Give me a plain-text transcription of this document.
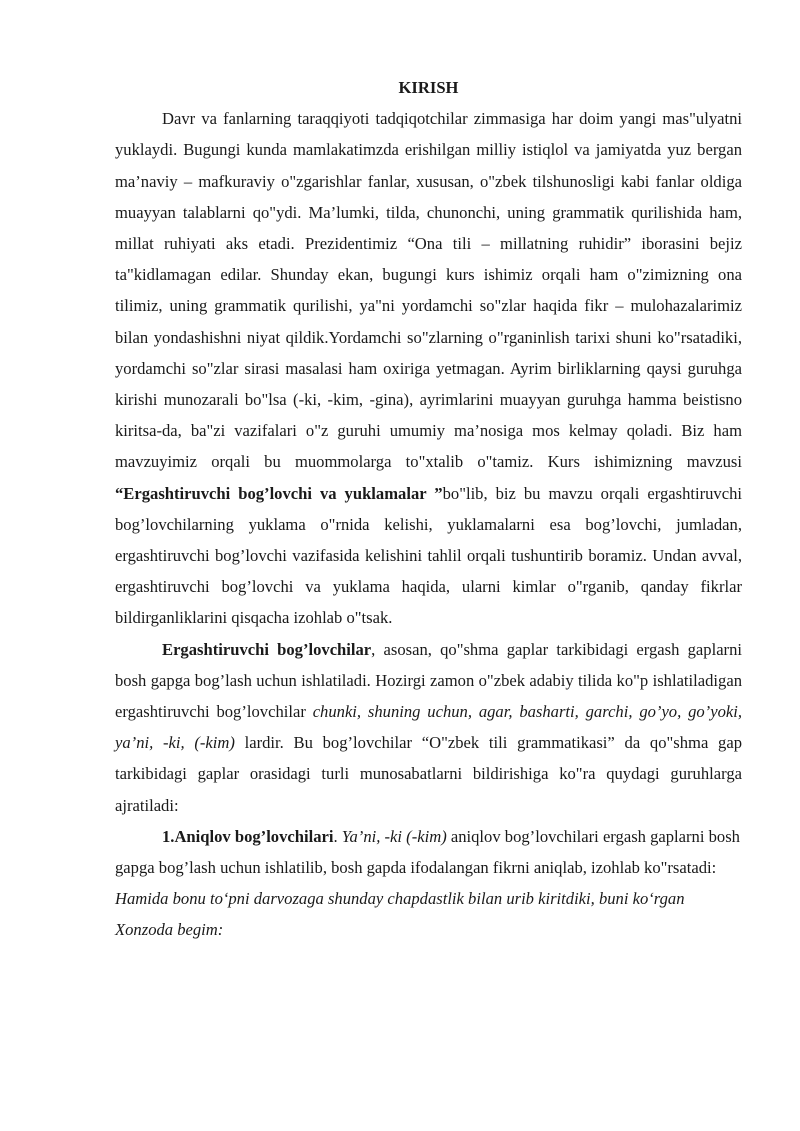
KIRISH

Davr va fanlarning taraqqiyoti tadqiqotchilar zimmasiga har doim yangi mas"ulyatni yuklaydi. Bugungi kunda mamlakatimzda erishilgan milliy istiqlol va jamiyatda yuz bergan ma’naviy – mafkuraviy o"zgarishlar fanlar, xususan, o"zbek tilshunosligi kabi fanlar oldiga muayyan talablarni qo"ydi. Ma’lumki, tilda, chunonchi, uning grammatik qurilishida ham, millat ruhiyati aks etadi. Prezidentimiz “Ona tili – millatning ruhidir” iborasini bejiz ta"kidlamagan edilar. Shunday ekan, bugungi kurs ishimiz orqali ham o"zimizning ona tilimiz, uning grammatik qurilishi, ya"ni yordamchi so"zlar haqida fikr – mulohazalarimiz bilan yondashishni niyat qildik.Yordamchi so"zlarning o"rganinlish tarixi shuni ko"rsatadiki, yordamchi so"zlar sirasi masalasi ham oxiriga yetmagan. Ayrim birliklarning qaysi guruhga kirishi munozarali bo"lsa (-ki, -kim, -gina), ayrimlarini muayyan guruhga hamma beistisno kiritsa-da, ba"zi vazifalari o"z guruhi umumiy ma’nosiga mos kelmay qoladi. Biz ham mavzuyimiz orqali bu muommolarga to"xtalib o"tamiz. Kurs ishimizning mavzusi “Ergashtiruvchi bog’lovchi va yuklamalar ”bo"lib, biz bu mavzu orqali ergashtiruvchi bog’lovchilarning yuklama o"rnida kelishi, yuklamalarni esa bog’lovchi, jumladan, ergashtiruvchi bog’lovchi vazifasida kelishini tahlil orqali tushuntirib boramiz. Undan avval, ergashtiruvchi bog’lovchi va yuklama haqida, ularni kimlar o"rganib, qanday fikrlar bildirganliklarini qisqacha izohlab o"tsak.

Ergashtiruvchi bog’lovchilar, asosan, qo"shma gaplar tarkibidagi ergash gaplarni bosh gapga bog’lash uchun ishlatiladi. Hozirgi zamon o"zbek adabiy tilida ko"p ishlatiladigan ergashtiruvchi bog’lovchilar chunki, shuning uchun, agar, basharti, garchi, go’yo, go’yoki, ya’ni, -ki, (-kim) lardir. Bu bog’lovchilar “O"zbek tili grammatikasi” da qo"shma gap tarkibidagi gaplar orasidagi turli munosabatlarni bildirishiga ko"ra quydagi guruhlarga ajratiladi:

1.Aniqlov bog’lovchilari. Ya’ni, -ki (-kim) aniqlov bog’lovchilari ergash gaplarni bosh gapga bog’lash uchun ishlatilib, bosh gapda ifodalangan fikrni aniqlab, izohlab ko"rsatadi: Hamida bonu to‘pni darvozaga shunday chapdastlik bilan urib kiritdiki, buni ko‘rgan Xonzoda begim:
